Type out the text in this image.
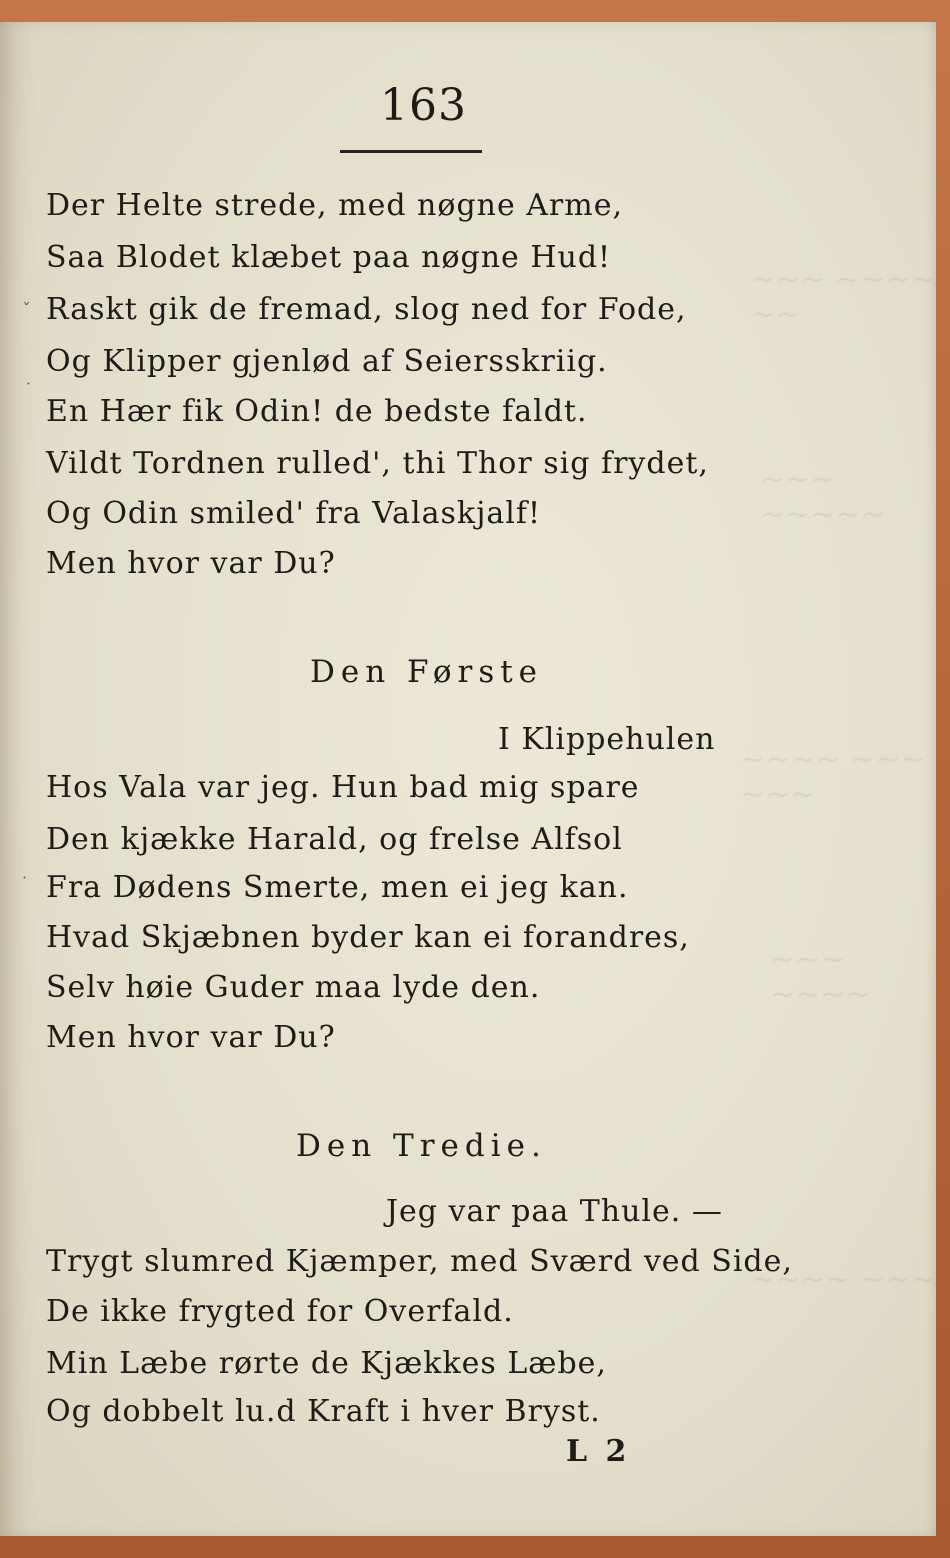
~~~ ~~~~ ~~
~~~ ~~~~~
~~~~ ~~~ ~~~
~~~ ~~~~
~~~~ ~~~
163
Der Helte strede, med nøgne Arme,
Saa Blodet klæbet paa nøgne Hud!
Raskt gik de fremad, slog ned for Fode,
Og Klipper gjenlød af Seiersskriig.
En Hær fik Odin! de bedste faldt.
Vildt Tordnen rulled', thi Thor sig frydet,
Og Odin smiled' fra Valaskjalf!
Men hvor var Du?
Den Første
I Klippehulen
Hos Vala var jeg. Hun bad mig spare
Den kjække Harald, og frelse Alfsol
Fra Dødens Smerte, men ei jeg kan.
Hvad Skjæbnen byder kan ei forandres,
Selv høie Guder maa lyde den.
Men hvor var Du?
Den Tredie.
Jeg var paa Thule. —
Trygt slumred Kjæmper, med Sværd ved Side,
De ikke frygted for Overfald.
Min Læbe rørte de Kjækkes Læbe,
Og dobbelt lu.d Kraft i hver Bryst.
L 2
ˇ
˙
˙
